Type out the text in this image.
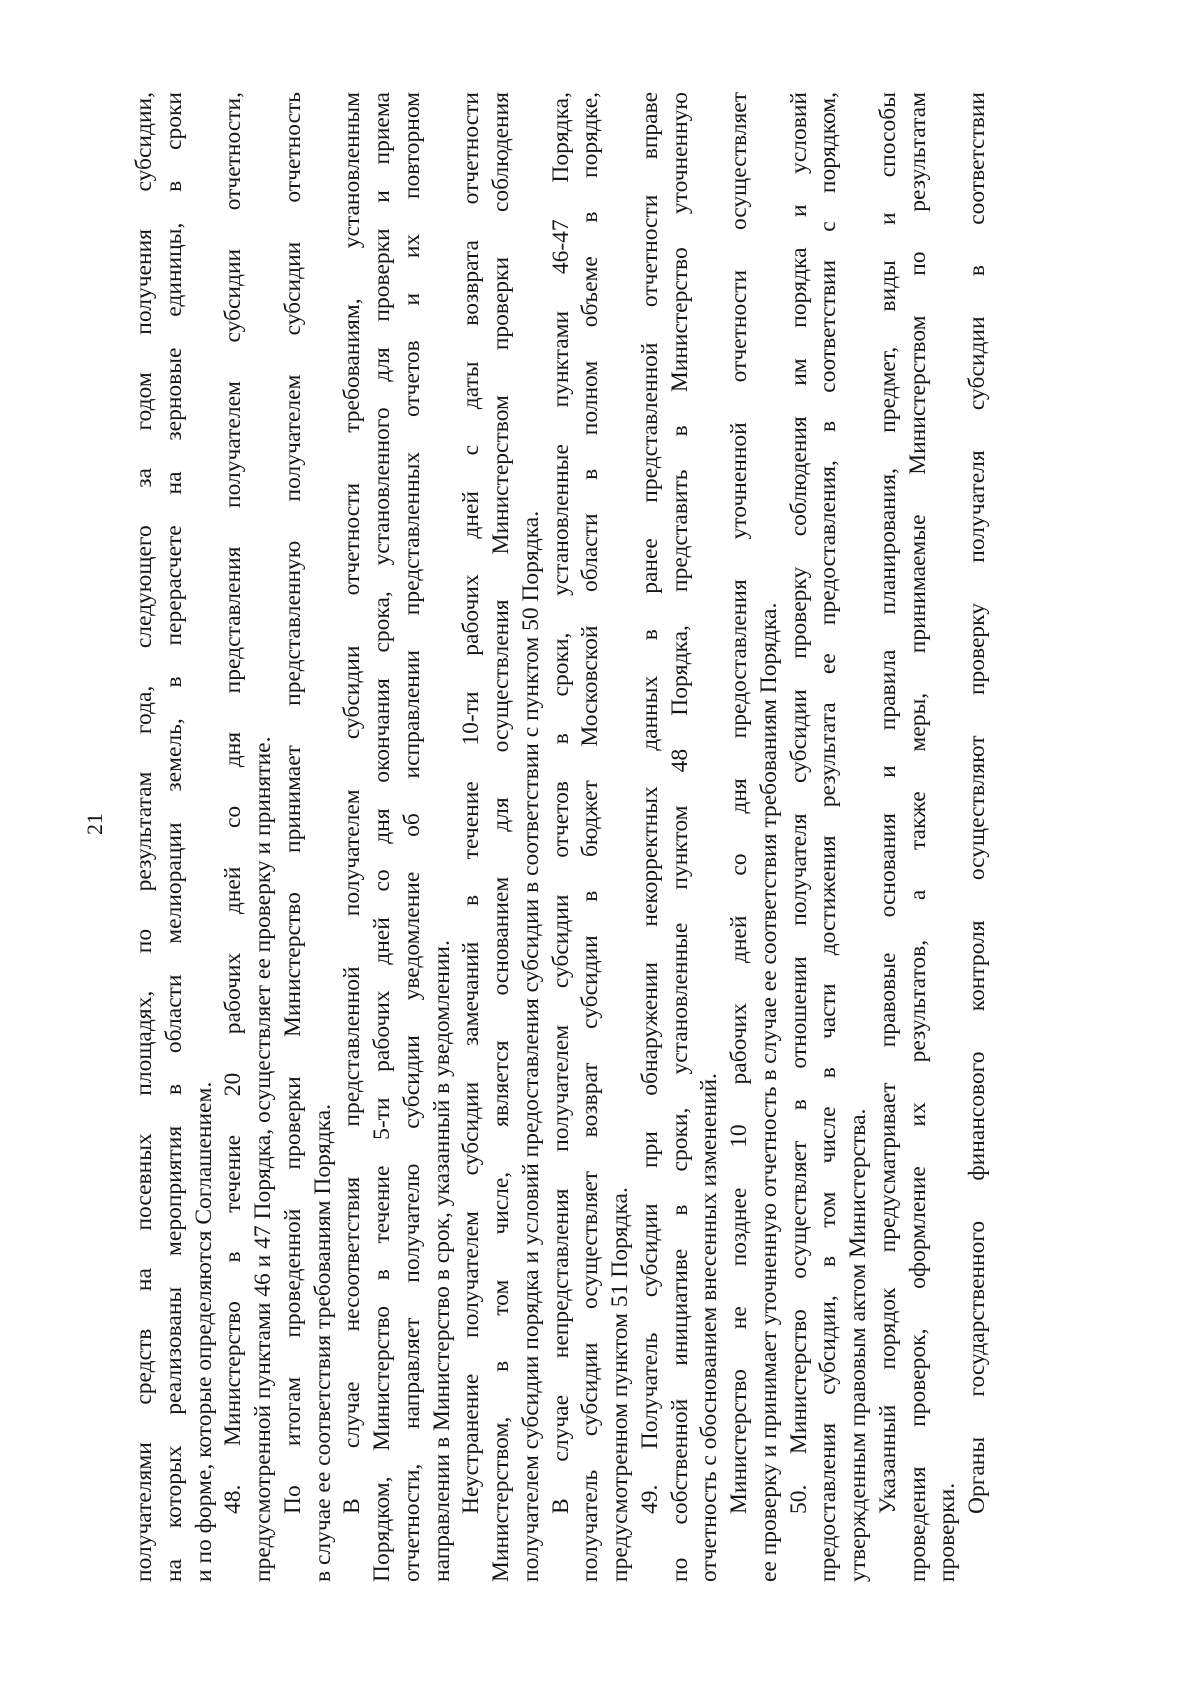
21 получателями средств на посевных площадях, по результатам года, следующего за годом получения субсидии, на которых реализованы мероприятия в области мелиорации земель, в перерасчете на зерновые единицы, в сроки и по форме, которые определяются Соглашением. 48. Министерство в течение 20 рабочих дней со дня представления получателем субсидии отчетности, предусмотренной пунктами 46 и 47 Порядка, осуществляет ее проверку и принятие. По итогам проведенной проверки Министерство принимает представленную получателем субсидии отчетность в случае ее соответствия требованиям Порядка. В случае несоответствия представленной получателем субсидии отчетности требованиям, установленным Порядком, Министерство в течение 5-ти рабочих дней со дня окончания срока, установленного для проверки и приема отчетности, направляет получателю субсидии уведомление об исправлении представленных отчетов и их повторном направлении в Министерство в срок, указанный в уведомлении. Неустранение получателем субсидии замечаний в течение 10-ти рабочих дней с даты возврата отчетности Министерством, в том числе, является основанием для осуществления Министерством проверки соблюдения получателем субсидии порядка и условий предоставления субсидии в соответствии с пунктом 50 Порядка. В случае непредставления получателем субсидии отчетов в сроки, установленные пунктами 46-47 Порядка, получатель субсидии осуществляет возврат субсидии в бюджет Московской области в полном объеме в порядке, предусмотренном пунктом 51 Порядка. 49. Получатель субсидии при обнаружении некорректных данных в ранее представленной отчетности вправе по собственной инициативе в сроки, установленные пунктом 48 Порядка, представить в Министерство уточненную отчетность с обоснованием внесенных изменений. Министерство не позднее 10 рабочих дней со дня предоставления уточненной отчетности осуществляет ее проверку и принимает уточненную отчетность в случае ее соответствия требованиям Порядка. 50. Министерство осуществляет в отношении получателя субсидии проверку соблюдения им порядка и условий предоставления субсидии, в том числе в части достижения результата ее предоставления, в соответствии с порядком, утвержденным правовым актом Министерства. Указанный порядок предусматривает правовые основания и правила планирования, предмет, виды и способы проведения проверок, оформление их результатов, а также меры, принимаемые Министерством по результатам проверки.
Органы государственного финансового контроля осуществляют проверку получателя субсидии в соответствии
